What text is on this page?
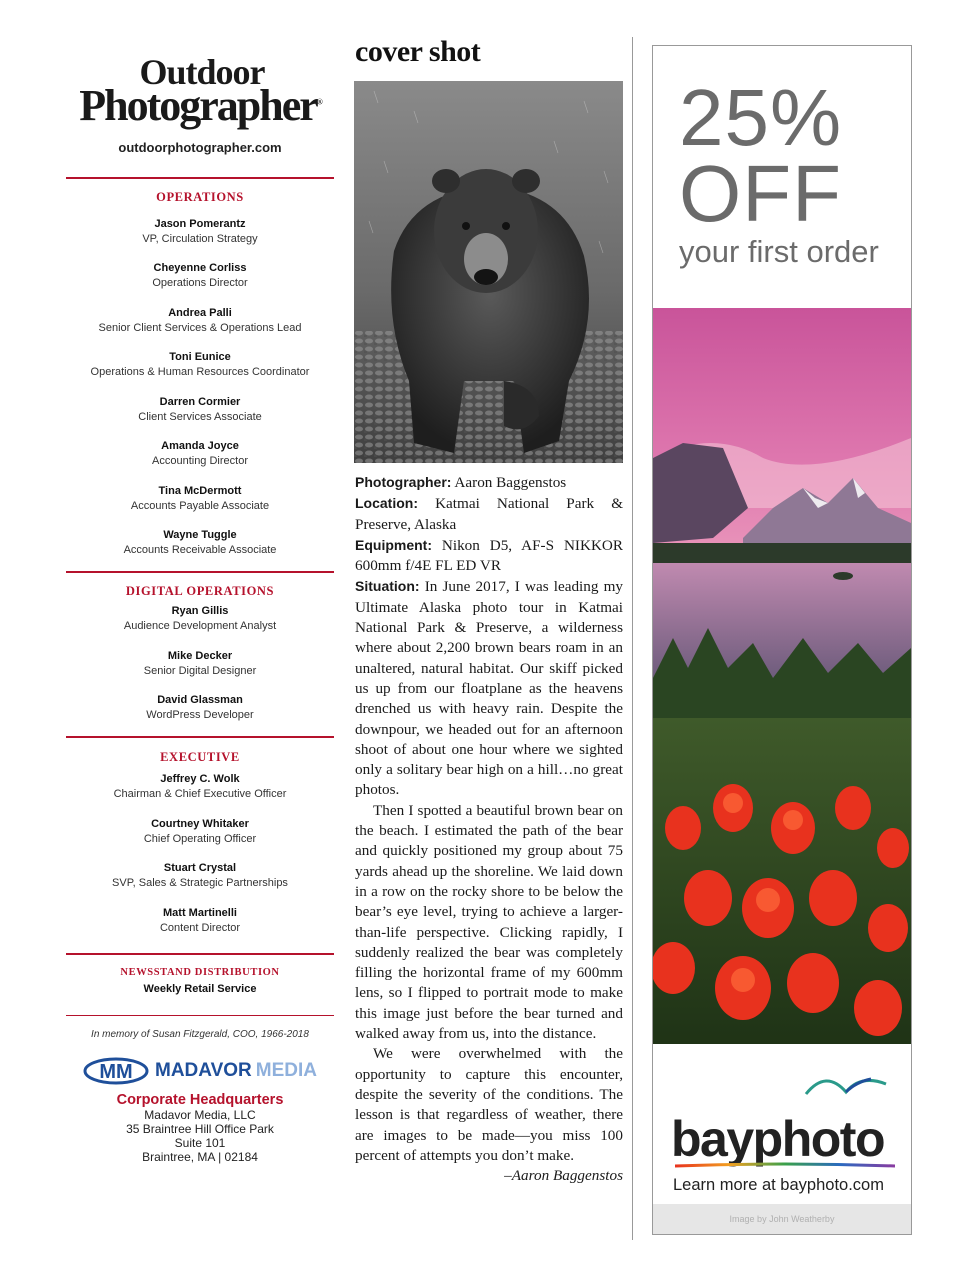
Outdoor
Photographer®
outdoorphotographer.com
OPERATIONS
Jason Pomerantz
VP, Circulation Strategy
Cheyenne Corliss
Operations Director
Andrea Palli
Senior Client Services & Operations Lead
Toni Eunice
Operations & Human Resources Coordinator
Darren Cormier
Client Services Associate
Amanda Joyce
Accounting Director
Tina McDermott
Accounts Payable Associate
Wayne Tuggle
Accounts Receivable Associate
DIGITAL OPERATIONS
Ryan Gillis
Audience Development Analyst
Mike Decker
Senior Digital Designer
David Glassman
WordPress Developer
EXECUTIVE
Jeffrey C. Wolk
Chairman & Chief Executive Officer
Courtney Whitaker
Chief Operating Officer
Stuart Crystal
SVP, Sales & Strategic Partnerships
Matt Martinelli
Content Director
NEWSSTAND DISTRIBUTION
Weekly Retail Service
In memory of Susan Fitzgerald, COO, 1966-2018
MM MADAVOR MEDIA
Corporate Headquarters
Madavor Media, LLC
35 Braintree Hill Office Park
Suite 101
Braintree, MA | 02184
cover shot

Photographer: Aaron Baggenstos

Location: Katmai National Park & Preserve, Alaska

Equipment: Nikon D5, AF-S NIKKOR 600mm f/4E FL ED VR

Situation: In June 2017, I was leading my Ultimate Alaska photo tour in Katmai National Park & Preserve, a wilderness where about 2,200 brown bears roam in an unaltered, natural habitat. Our skiff picked us up from our floatplane as the heavens drenched us with heavy rain. Despite the downpour, we headed out for an afternoon shoot of about one hour where we sighted only a solitary bear high on a hill…no great photos.

Then I spotted a beautiful brown bear on the beach. I estimated the path of the bear and quickly positioned my group about 75 yards ahead up the shoreline. We laid down in a row on the rocky shore to be below the bear’s eye level, trying to achieve a larger-than-life perspective. Clicking rapidly, I suddenly realized the bear was completely filling the horizontal frame of my 600mm lens, so I flipped to portrait mode to make this image just before the bear turned and walked away from us, into the distance.

We were overwhelmed with the opportunity to capture this encounter, despite the severity of the conditions. The lesson is that regardless of weather, there are images to be made—you miss 100 percent of attempts you don’t make.

–Aaron Baggenstos

25%
OFF
your first order
bayphoto
Learn more at bayphoto.com
Image by John Weatherby
